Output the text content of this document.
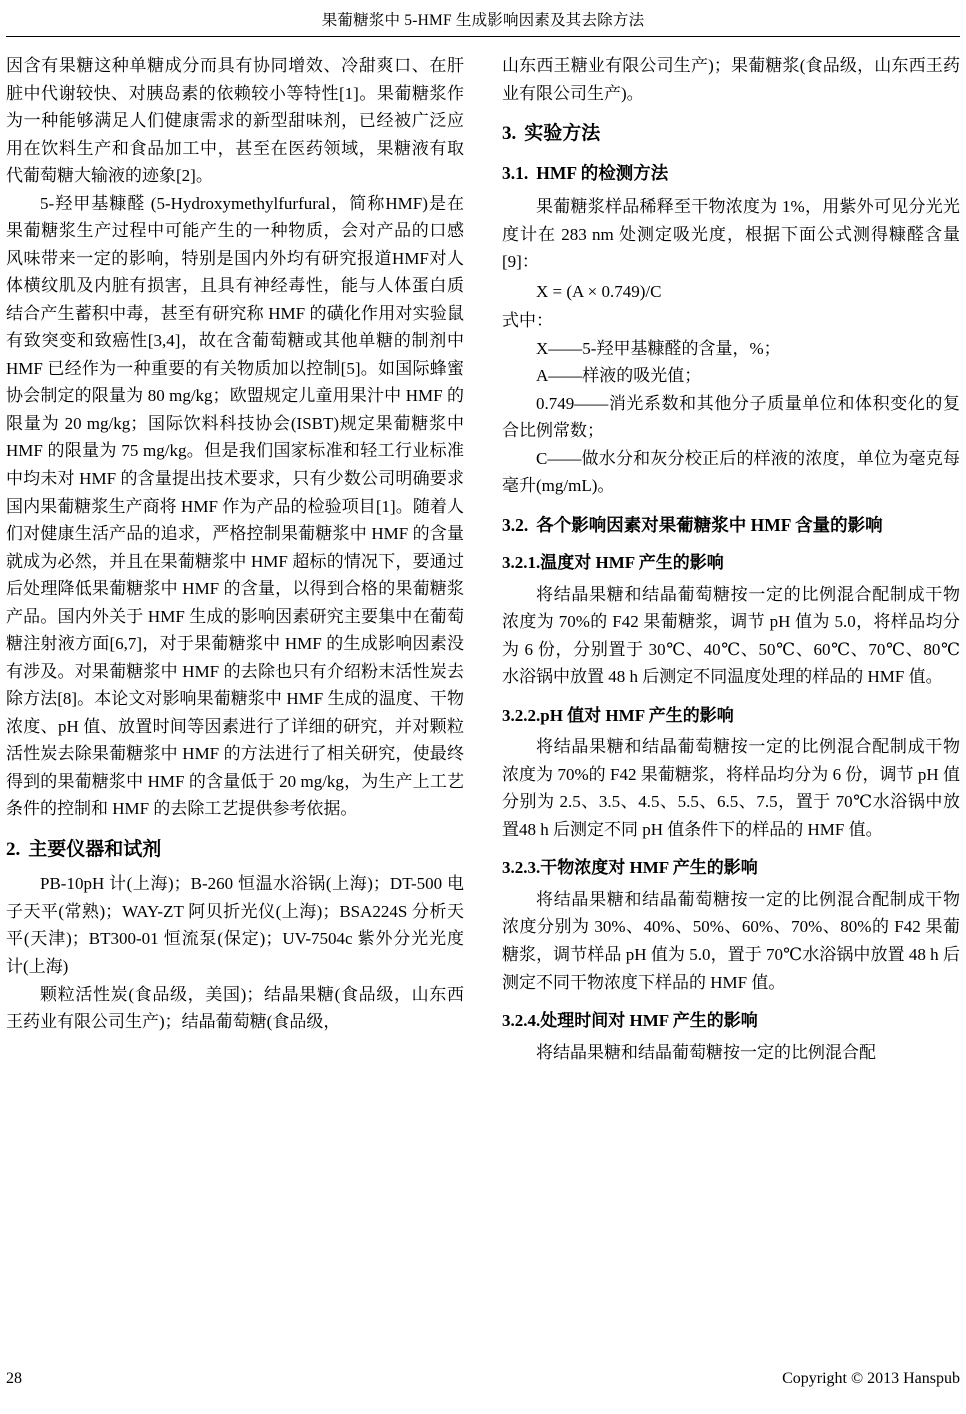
果葡糖浆中 5-HMF 生成影响因素及其去除方法

因含有果糖这种单糖成分而具有协同增效、冷甜爽口、在肝脏中代谢较快、对胰岛素的依赖较小等特性[1]。果葡糖浆作为一种能够满足人们健康需求的新型甜味剂，已经被广泛应用在饮料生产和食品加工中，甚至在医药领域，果糖液有取代葡萄糖大输液的迹象[2]。

5-羟甲基糠醛 (5-Hydroxymethylfurfural，简称HMF)是在果葡糖浆生产过程中可能产生的一种物质，会对产品的口感风味带来一定的影响，特别是国内外均有研究报道HMF对人体横纹肌及内脏有损害，且具有神经毒性，能与人体蛋白质结合产生蓄积中毒，甚至有研究称 HMF 的磺化作用对实验鼠有致突变和致癌性[3,4]，故在含葡萄糖或其他单糖的制剂中HMF 已经作为一种重要的有关物质加以控制[5]。如国际蜂蜜协会制定的限量为 80 mg/kg；欧盟规定儿童用果汁中 HMF 的限量为 20 mg/kg；国际饮料科技协会(ISBT)规定果葡糖浆中 HMF 的限量为 75 mg/kg。但是我们国家标准和轻工行业标准中均未对 HMF 的含量提出技术要求，只有少数公司明确要求国内果葡糖浆生产商将 HMF 作为产品的检验项目[1]。随着人们对健康生活产品的追求，严格控制果葡糖浆中 HMF 的含量就成为必然，并且在果葡糖浆中 HMF 超标的情况下，要通过后处理降低果葡糖浆中 HMF 的含量，以得到合格的果葡糖浆产品。国内外关于 HMF 生成的影响因素研究主要集中在葡萄糖注射液方面[6,7]，对于果葡糖浆中 HMF 的生成影响因素没有涉及。对果葡糖浆中 HMF 的去除也只有介绍粉末活性炭去除方法[8]。本论文对影响果葡糖浆中 HMF 生成的温度、干物浓度、pH 值、放置时间等因素进行了详细的研究，并对颗粒活性炭去除果葡糖浆中 HMF 的方法进行了相关研究，使最终得到的果葡糖浆中 HMF 的含量低于 20 mg/kg，为生产上工艺条件的控制和 HMF 的去除工艺提供参考依据。

2. 主要仪器和试剂

PB-10pH 计(上海)；B-260 恒温水浴锅(上海)；DT-500 电子天平(常熟)；WAY-ZT 阿贝折光仪(上海)；BSA224S 分析天平(天津)；BT300-01 恒流泵(保定)；UV-7504c 紫外分光光度计(上海)

颗粒活性炭(食品级，美国)；结晶果糖(食品级，山东西王药业有限公司生产)；结晶葡萄糖(食品级，

山东西王糖业有限公司生产)；果葡糖浆(食品级，山东西王药业有限公司生产)。

3. 实验方法
3.1. HMF 的检测方法

果葡糖浆样品稀释至干物浓度为 1%，用紫外可见分光光度计在 283 nm 处测定吸光度，根据下面公式测得糠醛含量[9]：

X = (A × 0.749)/C

式中：

X——5-羟甲基糠醛的含量，%；

A——样液的吸光值；

0.749——消光系数和其他分子质量单位和体积变化的复合比例常数；

C——做水分和灰分校正后的样液的浓度，单位为毫克每毫升(mg/mL)。

3.2. 各个影响因素对果葡糖浆中 HMF 含量的影响
3.2.1.温度对 HMF 产生的影响

将结晶果糖和结晶葡萄糖按一定的比例混合配制成干物浓度为 70%的 F42 果葡糖浆，调节 pH 值为 5.0，将样品均分为 6 份，分别置于 30℃、40℃、50℃、60℃、70℃、80℃水浴锅中放置 48 h 后测定不同温度处理的样品的 HMF 值。

3.2.2.pH 值对 HMF 产生的影响

将结晶果糖和结晶葡萄糖按一定的比例混合配制成干物浓度为 70%的 F42 果葡糖浆，将样品均分为 6 份，调节 pH 值分别为 2.5、3.5、4.5、5.5、6.5、7.5，置于 70℃水浴锅中放置48 h 后测定不同 pH 值条件下的样品的 HMF 值。

3.2.3.干物浓度对 HMF 产生的影响

将结晶果糖和结晶葡萄糖按一定的比例混合配制成干物浓度分别为 30%、40%、50%、60%、70%、80%的 F42 果葡糖浆，调节样品 pH 值为 5.0，置于 70℃水浴锅中放置 48 h 后测定不同干物浓度下样品的 HMF 值。

3.2.4.处理时间对 HMF 产生的影响

将结晶果糖和结晶葡萄糖按一定的比例混合配

28	Copyright © 2013 Hanspub
